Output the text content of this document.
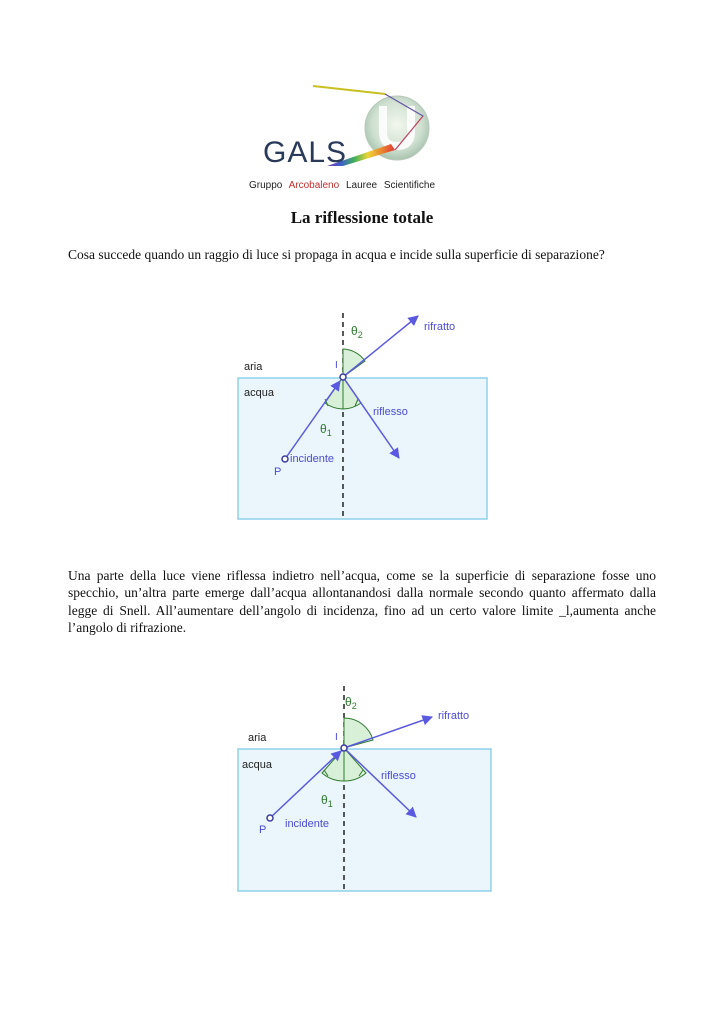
GALS
Gruppo Arcobaleno Lauree Scientifiche
La riflessione totale
Cosa succede quando un raggio di luce si propaga in acqua e incide sulla superficie di separazione?
aria
acqua
rifratto
riflesso
incidente
P
I
$\theta_2$
$\theta_1$
Una parte della luce viene riflessa indietro nell’acqua, come se la superficie di separazione fosse uno specchio, un’altra parte emerge dall’acqua allontanandosi dalla normale secondo quanto affermato dalla legge di Snell. All’aumentare dell’angolo di incidenza, fino ad un certo valore limite _l,aumenta anche l’angolo di rifrazione.
aria
acqua
rifratto
riflesso
incidente
P
I
$\theta_2$
$\theta_1$
